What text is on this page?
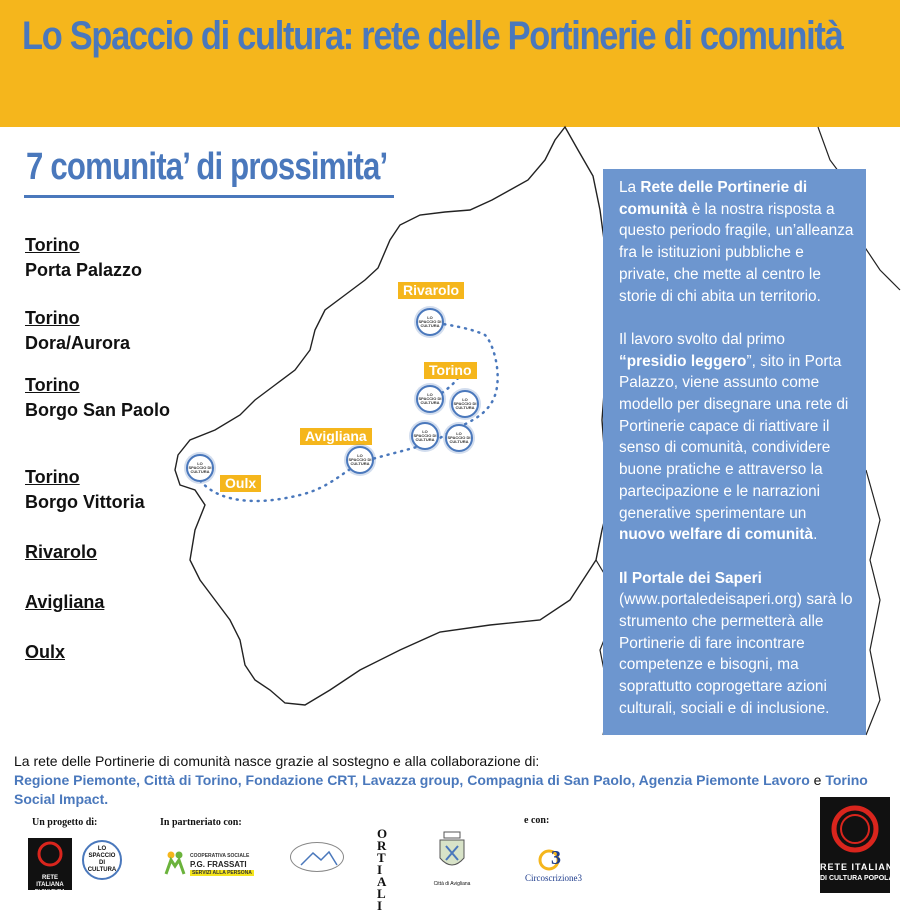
Lo Spaccio di cultura: rete delle Portinerie di comunità
Rivarolo
Torino
Avigliana
Oulx
LO SPACCIO DI CULTURA
LO SPACCIO DI CULTURA
LO SPACCIO DI CULTURA
LO SPACCIO DI CULTURA
LO SPACCIO DI CULTURA
LO SPACCIO DI CULTURA
LO SPACCIO DI CULTURA
7 comunita’ di prossimita’
Torino
Porta Palazzo
Torino
Dora/Aurora
Torino
Borgo San Paolo
Torino
Borgo Vittoria
Rivarolo
Avigliana
Oulx

La Rete delle Portinerie di comunità è la nostra risposta a questo periodo fragile, un’alleanza fra le istituzioni pubbliche e private, che mette al centro le storie di chi abita un territorio.

Il lavoro svolto dal primo “presidio leggero”, sito in Porta Palazzo, viene assunto come modello per disegnare una rete di Portinerie capace di riattivare il senso di comunità, condividere buone pratiche e attraverso la partecipazione e le narrazioni generative sperimentare un nuovo welfare di comunità.

Il Portale dei Saperi (www.portaledeisaperi.org) sarà lo strumento che permetterà alle Portinerie di fare incontrare competenze e bisogni, ma soprattutto coprogettare azioni culturali, sociali e di inclusione.

La rete delle Portinerie di comunità nasce grazie al sostegno e alla collaborazione di:
Regione Piemonte, Città di Torino, Fondazione CRT, Lavazza group, Compagnia di San Paolo, Agenzia Piemonte Lavoro e Torino Social Impact.
Un progetto di:	In partneriato con:	e con:
RETE ITALIANA
DI CULTURA POPOLARE
LO SPACCIO
DI CULTURA
COOPERATIVA SOCIALE
P.G. FRASSATI
SERVIZI ALLA PERSONA
ORTIALI
Città di Avigliana
3
Circoscrizione3
RETE ITALIANA
DI CULTURA POPOLARE
